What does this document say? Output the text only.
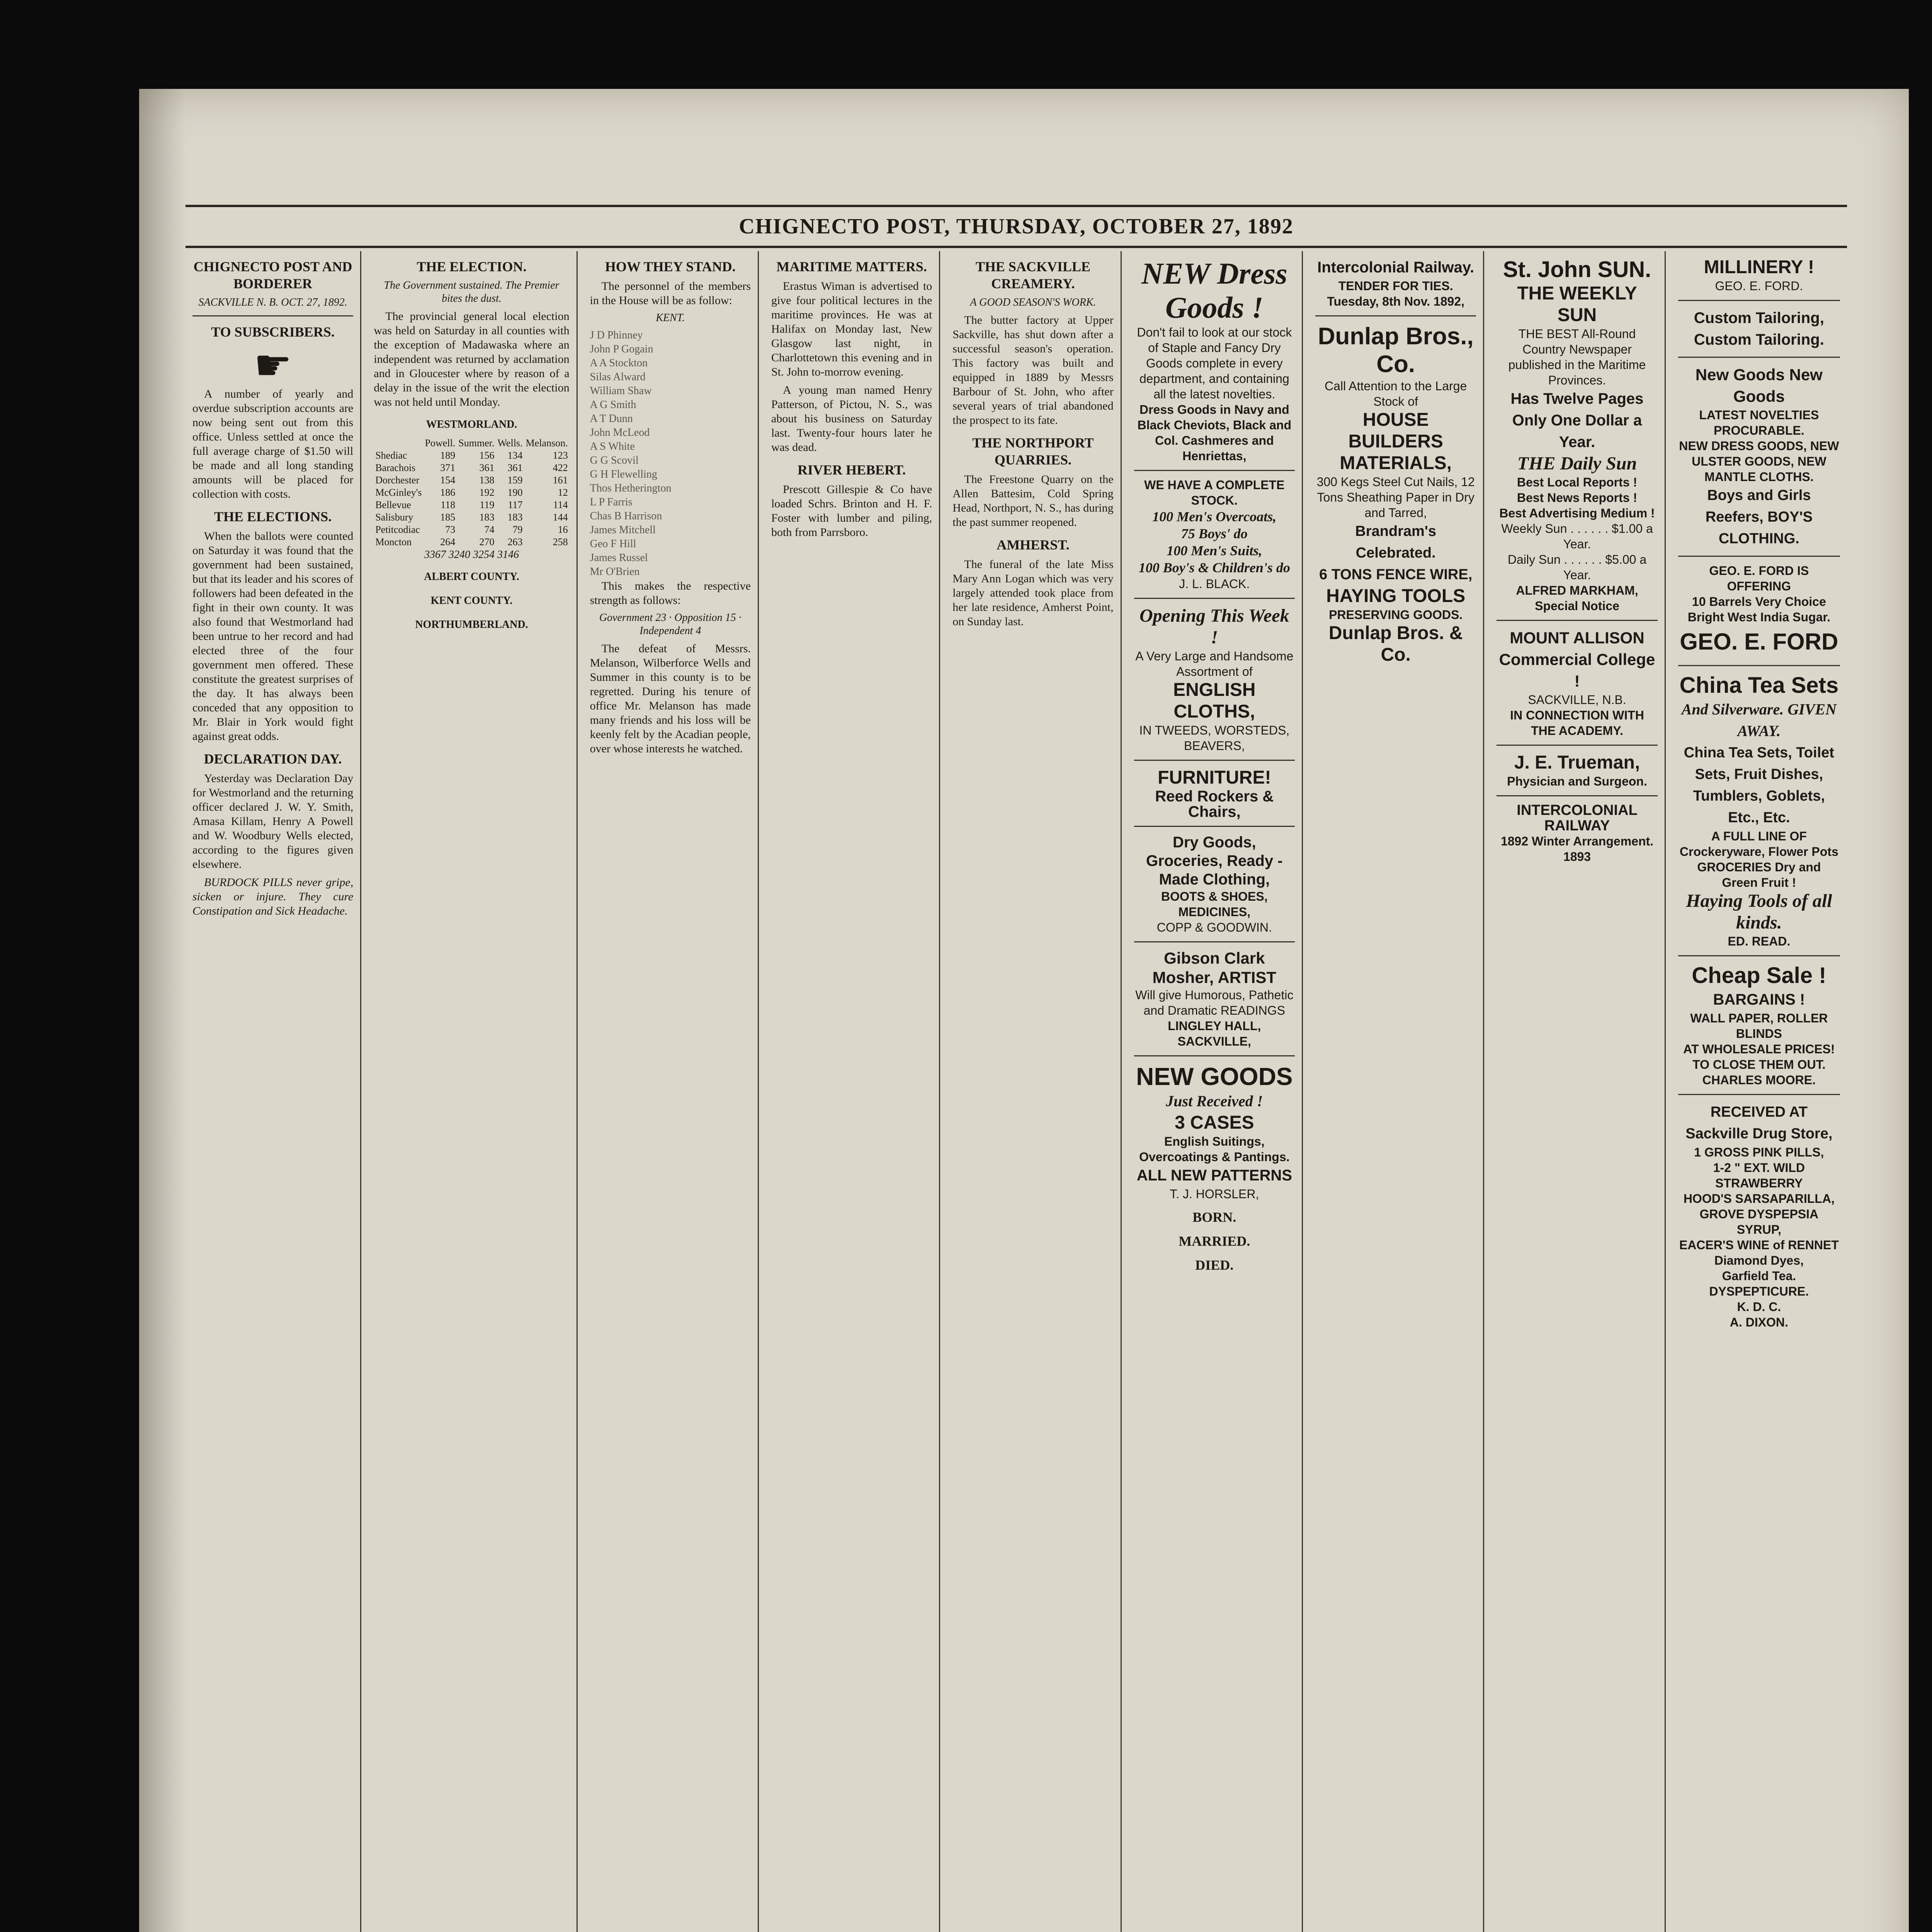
CHIGNECTO POST, THURSDAY, OCTOBER 27, 1892
CHIGNECTO POST AND BORDERER
SACKVILLE N. B. OCT. 27, 1892.
TO SUBSCRIBERS.
☛

A number of yearly and overdue subscription accounts are now being sent out from this office. Unless settled at once the full average charge of $1.50 will be made and all long standing amounts will be placed for collection with costs.

THE ELECTIONS.

When the ballots were counted on Saturday it was found that the government had been sustained, but that its leader and his scores of followers had been defeated in the fight in their own county. It was also found that Westmorland had been untrue to her record and had elected three of the four government men offered. These constitute the greatest surprises of the day. It has always been conceded that any opposition to Mr. Blair in York would fight against great odds.

DECLARATION DAY.

Yesterday was Declaration Day for Westmorland and the returning officer declared J. W. Y. Smith, Amasa Killam, Henry A Powell and W. Woodbury Wells elected, according to the figures given elsewhere.

BURDOCK PILLS never gripe, sicken or injure. They cure Constipation and Sick Headache.

THE ELECTION.
The Government sustained. The Premier bites the dust.

The provincial general local election was held on Saturday in all counties with the exception of Madawaska where an independent was returned by acclamation and in Gloucester where by reason of a delay in the issue of the writ the election was not held until Monday.

WESTMORLAND.
	Powell.	Summer.	Wells.	Melanson.
Shediac	189	156	134	123
Barachois	371	361	361	422
Dorchester	154	138	159	161
McGinley's	186	192	190	12
Bellevue	118	119	117	114
Salisbury	185	183	183	144
Petitcodiac	73	74	79	16
Moncton	264	270	263	258
3367 3240 3254 3146
ALBERT COUNTY.
KENT COUNTY.
NORTHUMBERLAND.
HOW THEY STAND.

The personnel of the members in the House will be as follow:

KENT.
J D Phinney
John P Gogain
A A Stockton
Silas Alward
William Shaw
A G Smith
A T Dunn
John McLeod
A S White
G G Scovil
G H Flewelling
Thos Hetherington
L P Farris
Chas B Harrison
James Mitchell
Geo F Hill
James Russel
Mr O'Brien

This makes the respective strength as follows:

Government 23 · Opposition 15 · Independent 4

The defeat of Messrs. Melanson, Wilberforce Wells and Summer in this county is to be regretted. During his tenure of office Mr. Melanson has made many friends and his loss will be keenly felt by the Acadian people, over whose interests he watched.

MARITIME MATTERS.

Erastus Wiman is advertised to give four political lectures in the maritime provinces. He was at Halifax on Monday last, New Glasgow last night, in Charlottetown this evening and in St. John to-morrow evening.

A young man named Henry Patterson, of Pictou, N. S., was about his business on Saturday last. Twenty-four hours later he was dead.

RIVER HEBERT.

Prescott Gillespie & Co have loaded Schrs. Brinton and H. F. Foster with lumber and piling, both from Parrsboro.

THE SACKVILLE CREAMERY.
A GOOD SEASON'S WORK.

The butter factory at Upper Sackville, has shut down after a successful season's operation. This factory was built and equipped in 1889 by Messrs Barbour of St. John, who after several years of trial abandoned the prospect to its fate.

THE NORTHPORT QUARRIES.

The Freestone Quarry on the Allen Battesim, Cold Spring Head, Northport, N. S., has during the past summer reopened.

AMHERST.

The funeral of the late Miss Mary Ann Logan which was very largely attended took place from her late residence, Amherst Point, on Sunday last.

NEW Dress Goods !
Don't fail to look at our stock of Staple and Fancy Dry Goods complete in every department, and containing all the latest novelties.
Dress Goods in Navy and Black Cheviots, Black and Col. Cashmeres and Henriettas,
WE HAVE A COMPLETE STOCK.
100 Men's Overcoats,
75 Boys' do
100 Men's Suits,
100 Boy's & Children's do
J. L. BLACK.
Opening This Week !
A Very Large and Handsome Assortment of
ENGLISH CLOTHS,
IN TWEEDS, WORSTEDS, BEAVERS,
FURNITURE!
Reed Rockers & Chairs,
Dry Goods, Groceries, Ready - Made Clothing,
BOOTS & SHOES, MEDICINES,
COPP & GOODWIN.
Gibson Clark Mosher, ARTIST
Will give Humorous, Pathetic and Dramatic READINGS
LINGLEY HALL, SACKVILLE,
NEW GOODS
Just Received !
3 CASES
English Suitings, Overcoatings & Pantings.
ALL NEW PATTERNS
T. J. HORSLER,
BORN.
MARRIED.
DIED.
Intercolonial Railway.
TENDER FOR TIES.
Tuesday, 8th Nov. 1892,
Dunlap Bros., Co.
Call Attention to the Large Stock of
HOUSE BUILDERS MATERIALS,
300 Kegs Steel Cut Nails, 12 Tons Sheathing Paper in Dry and Tarred,
Brandram's Celebrated.
6 TONS FENCE WIRE,
HAYING TOOLS
PRESERVING GOODS.
Dunlap Bros. & Co.
St. John SUN.
THE WEEKLY SUN
THE BEST All-Round Country Newspaper published in the Maritime Provinces.
Has Twelve Pages
Only One Dollar a Year.
THE Daily Sun
Best Local Reports !
Best News Reports !
Best Advertising Medium !
Weekly Sun . . . . . . $1.00 a Year.
Daily Sun . . . . . . $5.00 a Year.
ALFRED MARKHAM,
Special Notice
MOUNT ALLISON Commercial College !
SACKVILLE, N.B.
IN CONNECTION WITH THE ACADEMY.
J. E. Trueman,
Physician and Surgeon.
INTERCOLONIAL RAILWAY
1892 Winter Arrangement. 1893
MILLINERY !
GEO. E. FORD.
Custom Tailoring, Custom Tailoring.
New Goods New Goods
LATEST NOVELTIES PROCURABLE.
NEW DRESS GOODS, NEW ULSTER GOODS, NEW MANTLE CLOTHS.
Boys and Girls Reefers, BOY'S CLOTHING.
GEO. E. FORD IS OFFERING
10 Barrels Very Choice Bright West India Sugar.
GEO. E. FORD
China Tea Sets
And Silverware. GIVEN AWAY.
China Tea Sets, Toilet Sets, Fruit Dishes, Tumblers, Goblets, Etc., Etc.
A FULL LINE OF Crockeryware, Flower Pots
GROCERIES Dry and Green Fruit !
Haying Tools of all kinds.
ED. READ.
Cheap Sale !
BARGAINS !
WALL PAPER, ROLLER BLINDS
AT WHOLESALE PRICES! TO CLOSE THEM OUT.
CHARLES MOORE.
RECEIVED AT Sackville Drug Store,
1 GROSS PINK PILLS,
1-2 " EXT. WILD STRAWBERRY
HOOD'S SARSAPARILLA,
GROVE DYSPEPSIA SYRUP,
EACER'S WINE of RENNET
Diamond Dyes,
Garfield Tea.
DYSPEPTICURE.
K. D. C.
A. DIXON.
